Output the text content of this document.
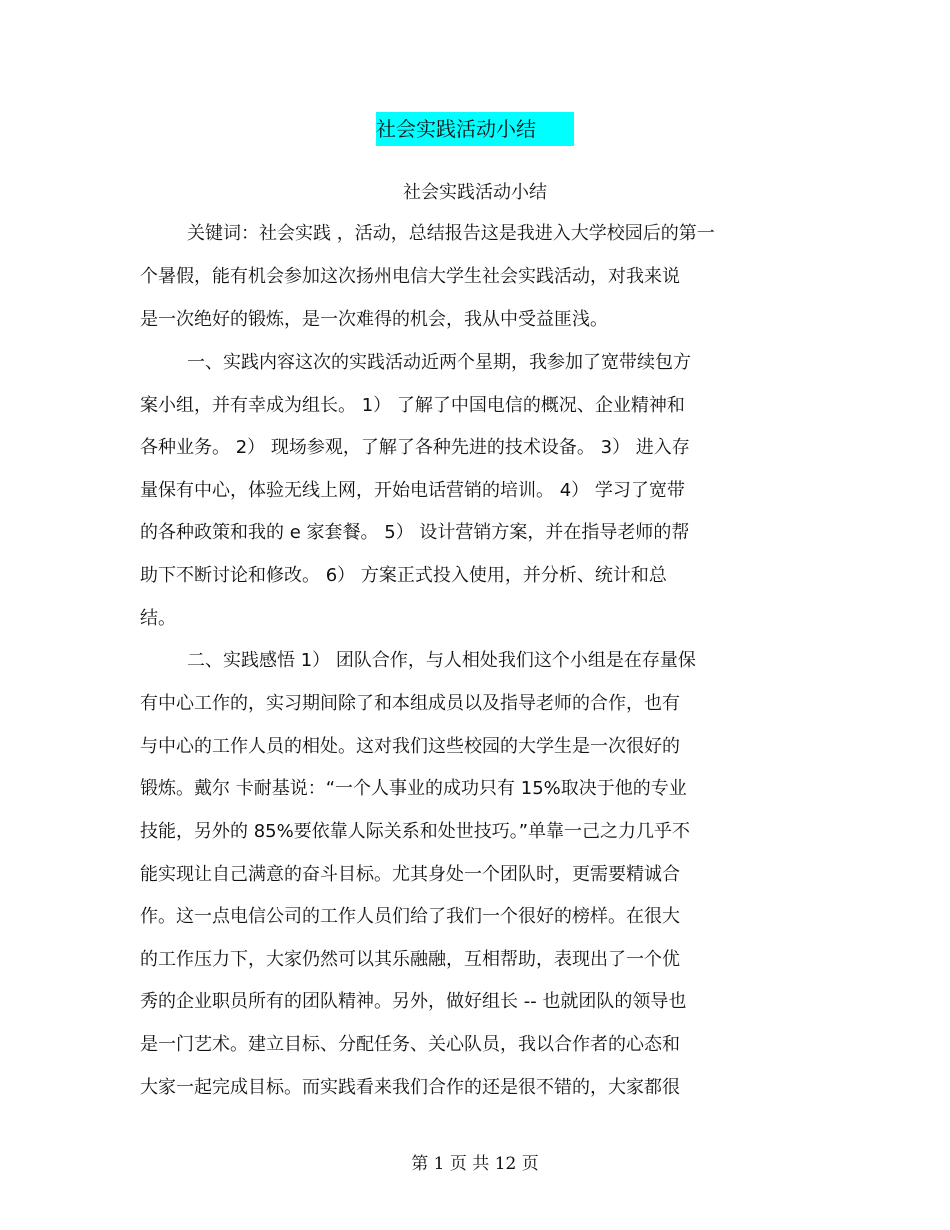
社会实践活动小结
社会实践活动小结
关键词：社会实践 ，活动，总结报告这是我进入大学校园后的第一
个暑假，能有机会参加这次扬州电信大学生社会实践活动，对我来说
是一次绝好的锻炼，是一次难得的机会，我从中受益匪浅。
一、实践内容这次的实践活动近两个星期，我参加了宽带续包方
案小组，并有幸成为组长。 1） 了解了中国电信的概况、企业精神和
各种业务。 2） 现场参观，了解了各种先进的技术设备。 3） 进入存
量保有中心，体验无线上网，开始电话营销的培训。 4） 学习了宽带
的各种政策和我的 e 家套餐。 5） 设计营销方案，并在指导老师的帮
助下不断讨论和修改。 6） 方案正式投入使用，并分析、统计和总
结。
二、实践感悟 1） 团队合作，与人相处我们这个小组是在存量保
有中心工作的，实习期间除了和本组成员以及指导老师的合作，也有
与中心的工作人员的相处。这对我们这些校园的大学生是一次很好的
锻炼。戴尔 卡耐基说：“一个人事业的成功只有 15%取决于他的专业
技能，另外的 85%要依靠人际关系和处世技巧。”单靠一己之力几乎不
能实现让自己满意的奋斗目标。尤其身处一个团队时，更需要精诚合
作。这一点电信公司的工作人员们给了我们一个很好的榜样。在很大
的工作压力下，大家仍然可以其乐融融，互相帮助，表现出了一个优
秀的企业职员所有的团队精神。另外，做好组长 -- 也就团队的领导也
是一门艺术。建立目标、分配任务、关心队员，我以合作者的心态和
大家一起完成目标。而实践看来我们合作的还是很不错的，大家都很
第 1 页 共 12 页
